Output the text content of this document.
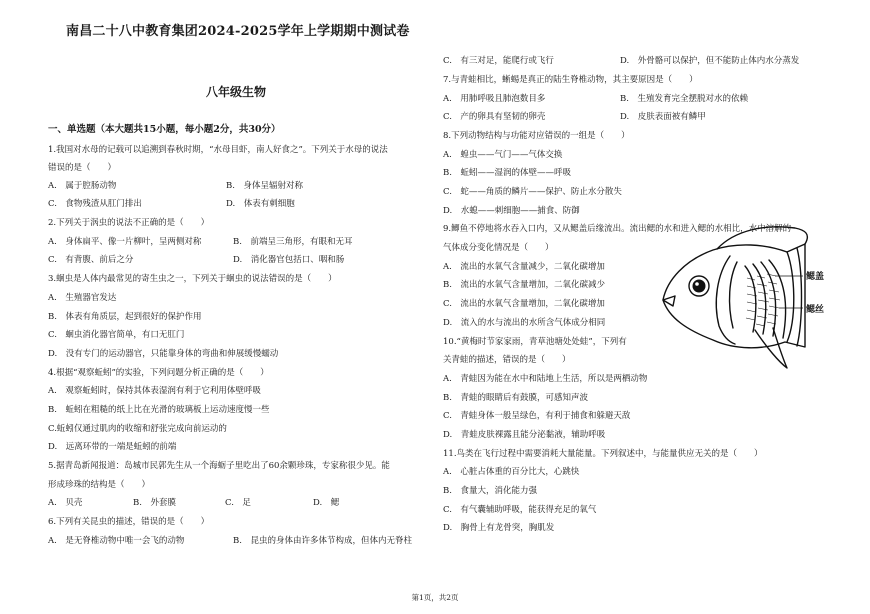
南昌二十八中教育集团2024-2025学年上学期期中测试卷
八年级生物
一、单选题（本大题共15小题，每小题2分，共30分）
1.我国对水母的记载可以追溯到春秋时期，“水母目虾，南人好食之”。下列关于水母的说法
错误的是（　　）
A.　属于腔肠动物	B.　身体呈辐射对称
C.　食物残渣从肛门排出	D.　体表有刺细胞
2.下列关于涡虫的说法不正确的是（　　）
A.　身体扁平、像一片柳叶，呈两侧对称	B.　前端呈三角形，有眼和无耳
C.　有背腹、前后之分	D.　消化器官包括口、咽和肠
3.蛔虫是人体内最常见的寄生虫之一，下列关于蛔虫的说法错误的是（　　）
A.　生殖器官发达
B.　体表有角质层，起到很好的保护作用
C.　蛔虫消化器官简单，有口无肛门
D.　没有专门的运动器官，只能靠身体的弯曲和伸展缓慢蠕动
4.根据“观察蚯蚓”的实验，下列问题分析正确的是（　　）
A.　观察蚯蚓时，保持其体表湿润有利于它利用体壁呼吸
B.　蚯蚓在粗糙的纸上比在光滑的玻璃板上运动速度慢一些
C.蚯蚓仅通过肌肉的收缩和舒张完成向前运动的
D.　远离环带的一端是蚯蚓的前端
5.据青岛新闻报道：岛城市民郭先生从一个海蛎子里吃出了60余颗珍珠，专家称很少见。能
形成珍珠的结构是（　　）
A.　贝壳	B.　外套膜	C.　足	D.　鳃
6.下列有关昆虫的描述，错误的是（　　）
A.　是无脊椎动物中唯一会飞的动物	B.　昆虫的身体由许多体节构成，但体内无脊柱
C.　有三对足，能爬行或飞行	D.　外骨骼可以保护，但不能防止体内水分蒸发
7.与青蛙相比，蜥蜴是真正的陆生脊椎动物，其主要原因是（　　）
A.　用肺呼吸且肺泡数目多	B.　生殖发育完全摆脱对水的依赖
C.　产的卵具有坚韧的卵壳	D.　皮肤表面被有鳞甲
8.下列动物结构与功能对应错误的一组是（　　）
A.　蝗虫——气门——气体交换
B.　蚯蚓——湿润的体壁——呼吸
C.　蛇——角质的鳞片——保护、防止水分散失
D.　水螅——刺细胞——捕食、防御
9.鲫鱼不停地将水吞入口内，又从鳃盖后缘流出。流出鳃的水和进入鳃的水相比，水中溶解的
气体成分变化情况是（　　）
A.　流出的水氧气含量减少，二氧化碳增加
B.　流出的水氧气含量增加，二氧化碳减少
C.　流出的水氧气含量增加，二氧化碳增加
D.　流入的水与流出的水所含气体成分相同
10.“黄梅时节家家雨，青草池塘处处蛙”，下列有
关青蛙的描述，错误的是（　　）
A.　青蛙因为能在水中和陆地上生活，所以是两栖动物
B.　青蛙的眼睛后有鼓膜，可感知声波
C.　青蛙身体一般呈绿色，有利于捕食和躲避天敌
D.　青蛙皮肤裸露且能分泌黏液，辅助呼吸
11.鸟类在飞行过程中需要消耗大量能量。下列叙述中，与能量供应无关的是（　　）
A.　心脏占体重的百分比大，心跳快
B.　食量大，消化能力强
C.　有气囊辅助呼吸，能获得充足的氧气
D.　胸骨上有龙骨突，胸肌发
鳃盖
鳃丝
第1页，共2页
